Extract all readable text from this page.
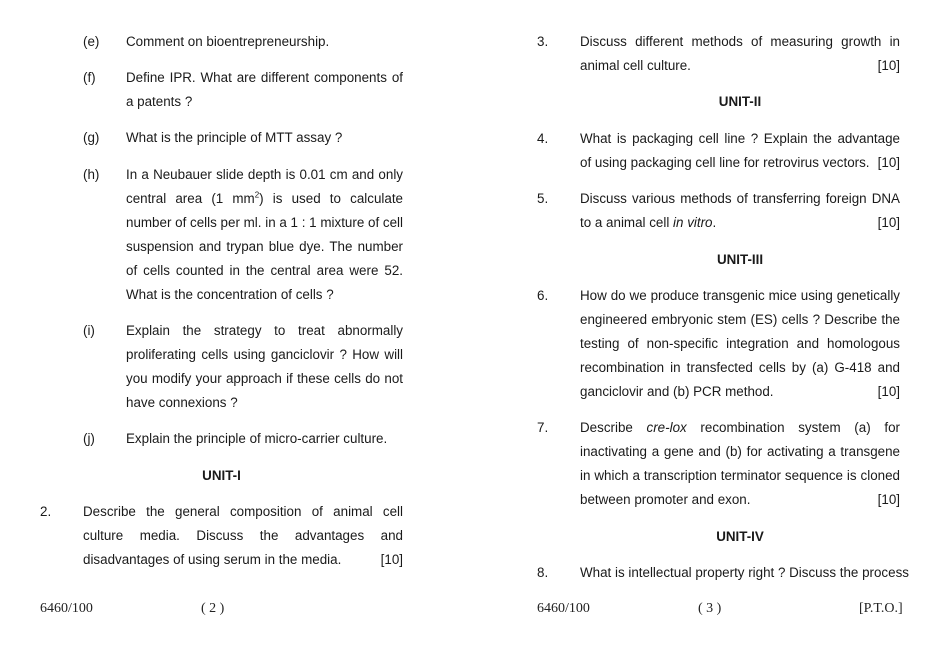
(e) Comment on bioentrepreneurship.
(f) Define IPR. What are different components of a patents ?
(g) What is the principle of MTT assay ?
(h) In a Neubauer slide depth is 0.01 cm and only central area (1 $mm^2$) is used to calculate number of cells per ml. in a 1 : 1 mixture of cell suspension and trypan blue dye. The number of cells counted in the central area were 52. What is the concentration of cells ?
(i) Explain the strategy to treat abnormally proliferating cells using ganciclovir ? How will you modify your approach if these cells do not have connexions ?
(j) Explain the principle of micro-carrier culture.
UNIT-I
2. Describe the general composition of animal cell culture media. Discuss the advantages and disadvantages of using serum in the media.	[10]
6460/100	( 2 )
3. Discuss different methods of measuring growth in animal cell culture.	[10]
UNIT-II
4. What is packaging cell line ? Explain the advantage of using packaging cell line for retrovirus vectors. [10]
5. Discuss various methods of transferring foreign DNA to a animal cell in vitro.	[10]
UNIT-III
6. How do we produce transgenic mice using genetically engineered embryonic stem (ES) cells ? Describe the testing of non-specific integration and homologous recombination in transfected cells by (a) G-418 and ganciclovir and (b) PCR method.	[10]
7. Describe cre-lox recombination system (a) for inactivating a gene and (b) for activating a transgene in which a transcription terminator sequence is cloned between promoter and exon.	[10]
UNIT-IV
8. What is intellectual property right ? Discuss the process
6460/100	( 3 )	[P.T.O.]
